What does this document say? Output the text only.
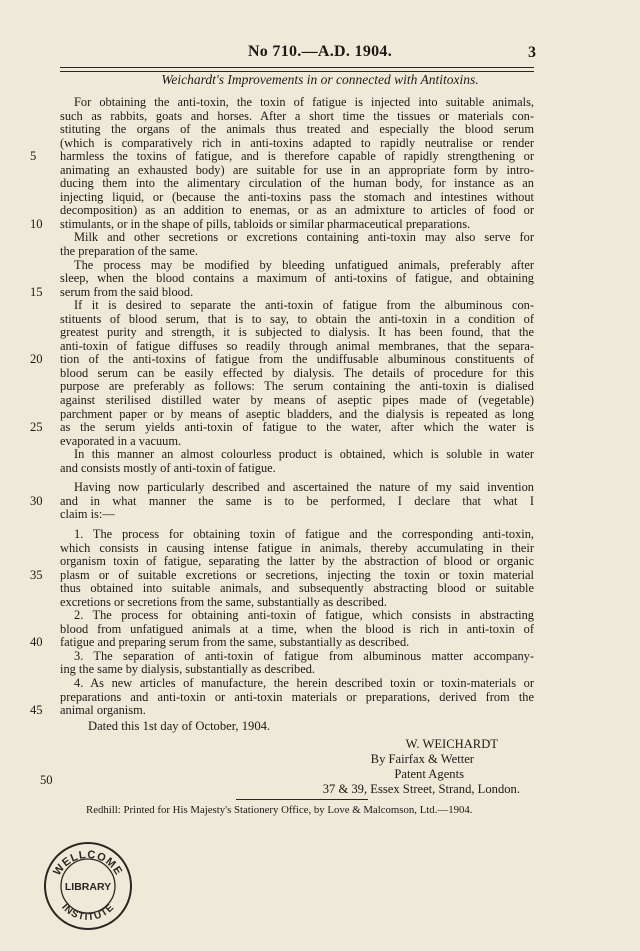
No 710.—A.D. 1904.	3
Weichardt's Improvements in or connected with Antitoxins.
For obtaining the anti-toxin, the toxin of fatigue is injected into suitable animals,
such as rabbits, goats and horses. After a short time the tissues or materials con-
stituting the organs of the animals thus treated and especially the blood serum
(which is comparatively rich in anti-toxins adapted to rapidly neutralise or render
harmless the toxins of fatigue, and is therefore capable of rapidly strengthening or
5
animating an exhausted body) are suitable for use in an appropriate form by intro-
ducing them into the alimentary circulation of the human body, for instance as an
injecting liquid, or (because the anti-toxins pass the stomach and intestines without
decomposition) as an addition to enemas, or as an admixture to articles of food or
stimulants, or in the shape of pills, tabloids or similar pharmaceutical preparations.
10
Milk and other secretions or excretions containing anti-toxin may also serve for
the preparation of the same.
The process may be modified by bleeding unfatigued animals, preferably after
sleep, when the blood contains a maximum of anti-toxins of fatigue, and obtaining
serum from the said blood.
15
If it is desired to separate the anti-toxin of fatigue from the albuminous con-
stituents of blood serum, that is to say, to obtain the anti-toxin in a condition of
greatest purity and strength, it is subjected to dialysis. It has been found, that the
anti-toxin of fatigue diffuses so readily through animal membranes, that the separa-
tion of the anti-toxins of fatigue from the undiffusable albuminous constituents of
20
blood serum can be easily effected by dialysis. The details of procedure for this
purpose are preferably as follows: The serum containing the anti-toxin is dialised
against sterilised distilled water by means of aseptic pipes made of (vegetable)
parchment paper or by means of aseptic bladders, and the dialysis is repeated as long
as the serum yields anti-toxin of fatigue to the water, after which the water is
25
evaporated in a vacuum.
In this manner an almost colourless product is obtained, which is soluble in water
and consists mostly of anti-toxin of fatigue.
Having now particularly described and ascertained the nature of my said invention
and in what manner the same is to be performed, I declare that what I
30
claim is:—
1. The process for obtaining toxin of fatigue and the corresponding anti-toxin,
which consists in causing intense fatigue in animals, thereby accumulating in their
organism toxin of fatigue, separating the latter by the abstraction of blood or organic
plasm or of suitable excretions or secretions, injecting the toxin or toxin material
35
thus obtained into suitable animals, and subsequently abstracting blood or suitable
excretions or secretions from the same, substantially as described.
2. The process for obtaining anti-toxin of fatigue, which consists in abstracting
blood from unfatigued animals at a time, when the blood is rich in anti-toxin of
fatigue and preparing serum from the same, substantially as described.
40
3. The separation of anti-toxin of fatigue from albuminous matter accompany-
ing the same by dialysis, substantially as described.
4. As new articles of manufacture, the herein described toxin or toxin-materials or
preparations and anti-toxin or anti-toxin materials or preparations, derived from the
animal organism.
45
Dated this 1st day of October, 1904.
W. WEICHARDT
By Fairfax & Wetter
Patent Agents
37 & 39, Essex Street, Strand, London.
50
Redhill: Printed for His Majesty's Stationery Office, by Love & Malcomson, Ltd.—1904.
WELLCOME
LIBRARY
INSTITUTE
